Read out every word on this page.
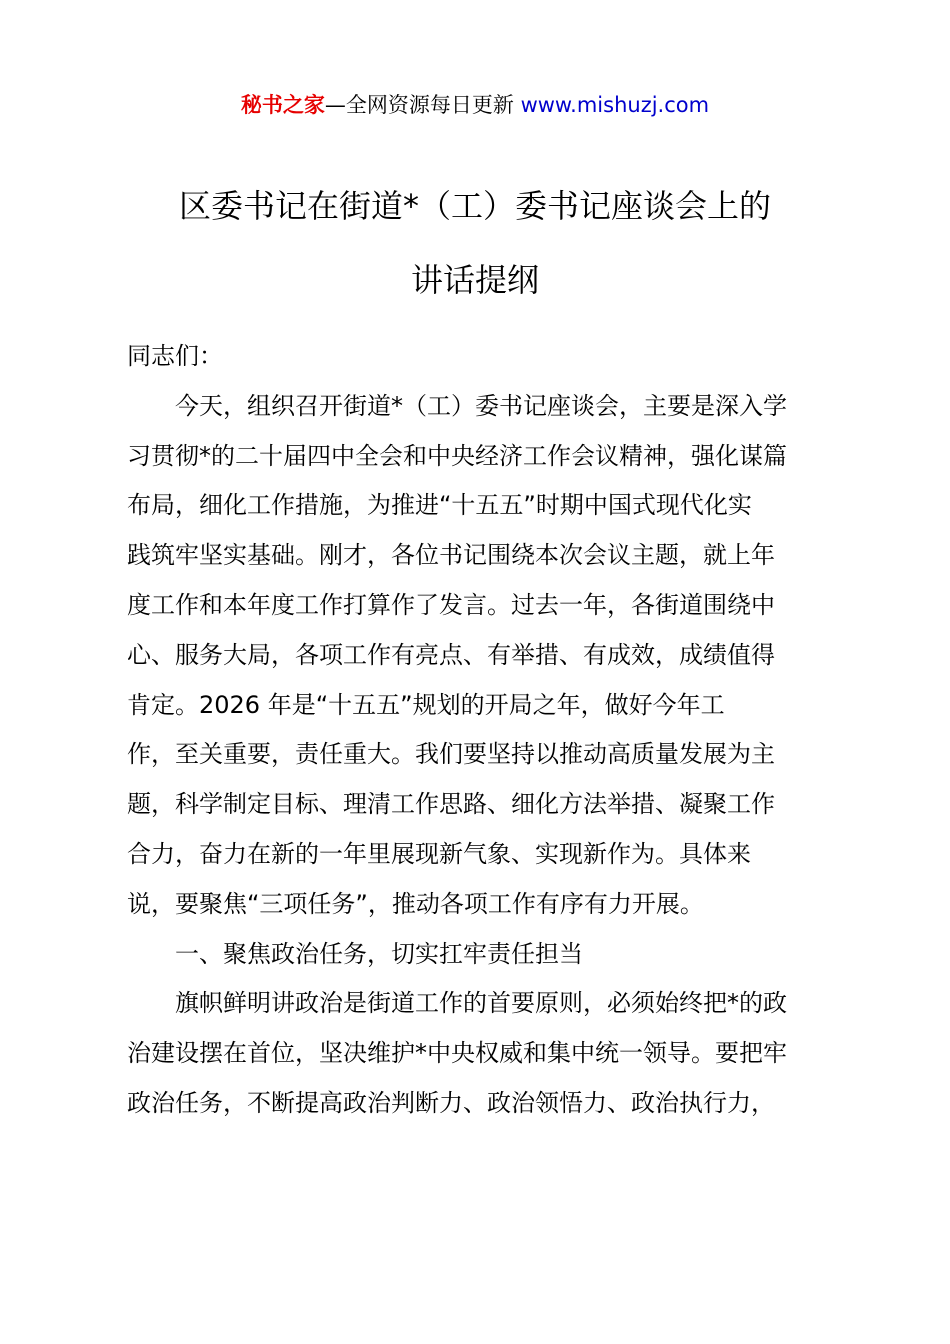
秘书之家—全网资源每日更新 www.mishuzj.com
区委书记在街道*（工）委书记座谈会上的
讲话提纲
同志们：
今天，组织召开街道*（工）委书记座谈会，主要是深入学
习贯彻*的二十届四中全会和中央经济工作会议精神，强化谋篇
布局，细化工作措施，为推进“十五五”时期中国式现代化实
践筑牢坚实基础。刚才，各位书记围绕本次会议主题，就上年
度工作和本年度工作打算作了发言。过去一年，各街道围绕中
心、服务大局，各项工作有亮点、有举措、有成效，成绩值得
肯定。2026 年是“十五五”规划的开局之年，做好今年工
作，至关重要，责任重大。我们要坚持以推动高质量发展为主
题，科学制定目标、理清工作思路、细化方法举措、凝聚工作
合力，奋力在新的一年里展现新气象、实现新作为。具体来
说，要聚焦“三项任务”，推动各项工作有序有力开展。
一、聚焦政治任务，切实扛牢责任担当
旗帜鲜明讲政治是街道工作的首要原则，必须始终把*的政
治建设摆在首位，坚决维护*中央权威和集中统一领导。要把牢
政治任务，不断提高政治判断力、政治领悟力、政治执行力，
